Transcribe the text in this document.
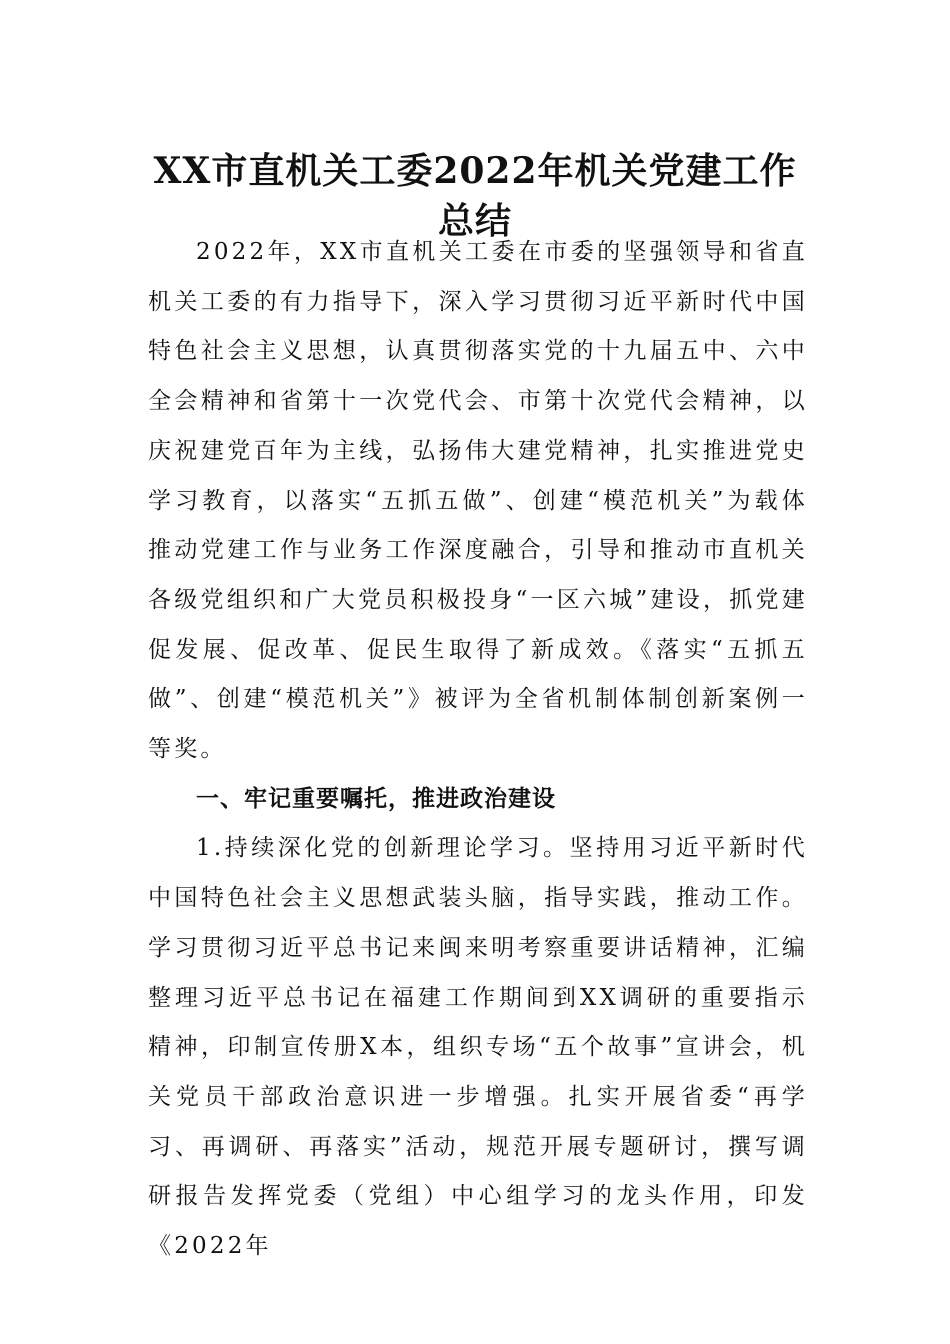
XX市直机关工委2022年机关党建工作总结

2022年，XX市直机关工委在市委的坚强领导和省直机关工委的有力指导下，深入学习贯彻习近平新时代中国特色社会主义思想，认真贯彻落实党的十九届五中、六中全会精神和省第十一次党代会、市第十次党代会精神，以庆祝建党百年为主线，弘扬伟大建党精神，扎实推进党史学习教育，以落实“五抓五做”、创建“模范机关”为载体推动党建工作与业务工作深度融合，引导和推动市直机关各级党组织和广大党员积极投身“一区六城”建设，抓党建促发展、促改革、促民生取得了新成效。《落实“五抓五做”、创建“模范机关”》被评为全省机制体制创新案例一等奖。

一、牢记重要嘱托，推进政治建设

1.持续深化党的创新理论学习。坚持用习近平新时代中国特色社会主义思想武装头脑，指导实践，推动工作。学习贯彻习近平总书记来闽来明考察重要讲话精神，汇编整理习近平总书记在福建工作期间到XX调研的重要指示精神，印制宣传册X本，组织专场“五个故事”宣讲会，机关党员干部政治意识进一步增强。扎实开展省委“再学习、再调研、再落实”活动，规范开展专题研讨，撰写调研报告发挥党委（党组）中心组学习的龙头作用，印发《2022年
